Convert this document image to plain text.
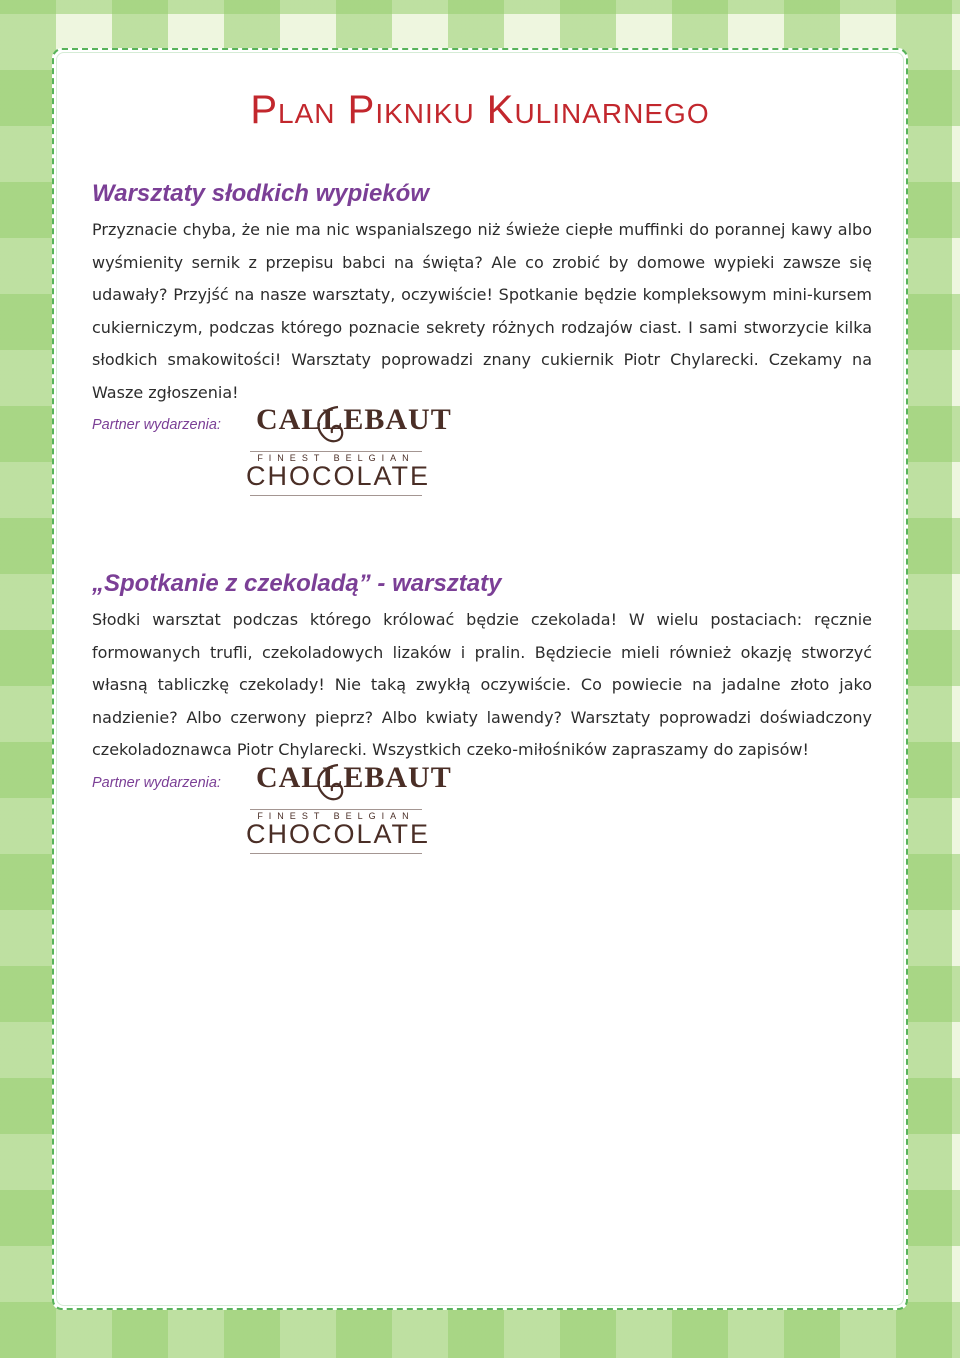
Plan Pikniku Kulinarnego
Warsztaty słodkich wypieków

Przyznacie chyba, że nie ma nic wspanialszego niż świeże ciepłe muffinki do porannej kawy albo wyśmienity sernik z przepisu babci na święta? Ale co zrobić by domowe wypieki zawsze się udawały? Przyjść na nasze warsztaty, oczywiście! Spotkanie będzie kompleksowym mini-kursem cukierniczym, podczas którego poznacie sekrety różnych rodzajów ciast. I sami stworzycie kilka słodkich smakowitości! Warsztaty poprowadzi znany cukiernik Piotr Chylarecki. Czekamy na Wasze zgłoszenia!

Partner wydarzenia: CALLEBAUT
FINEST BELGIAN
CHOCOLATE
„Spotkanie z czekoladą” - warsztaty

Słodki warsztat podczas którego królować będzie czekolada! W wielu postaciach: ręcznie formowanych trufli, czekoladowych lizaków i pralin. Będziecie mieli również okazję stworzyć własną tabliczkę czekolady! Nie taką zwykłą oczywiście. Co powiecie na jadalne złoto jako nadzienie? Albo czerwony pieprz? Albo kwiaty lawendy? Warsztaty poprowadzi doświadczony czekoladoznawca Piotr Chylarecki. Wszystkich czeko-miłośników zapraszamy do zapisów!

Partner wydarzenia: CALLEBAUT
FINEST BELGIAN
CHOCOLATE
